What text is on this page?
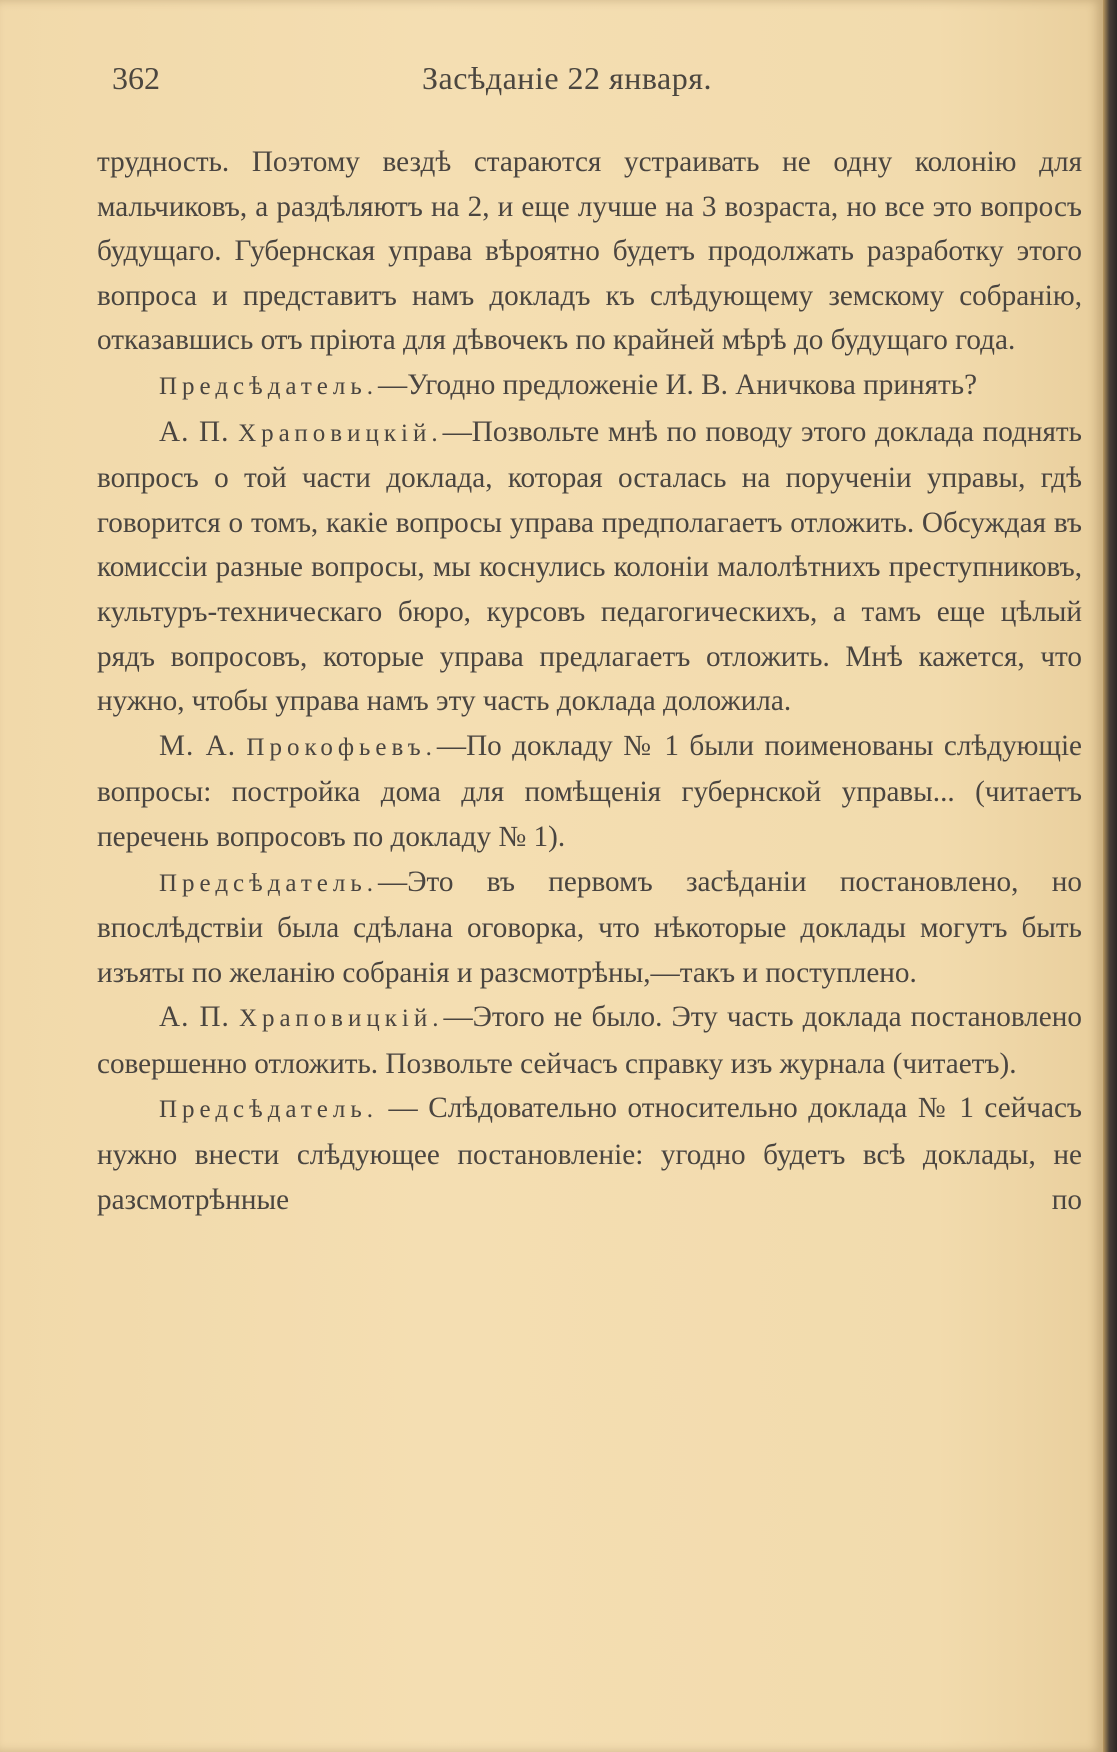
362	Засѣданіе 22 января.

трудность. Поэтому вездѣ стараются устраивать не одну колонію для мальчиковъ, а раздѣляютъ на 2, и еще лучше на 3 возраста, но все это вопросъ будущаго. Губернская управа вѣроятно будетъ продолжать разработку этого вопроса и представитъ намъ докладъ къ слѣдующему земскому собранію, отказавшись отъ пріюта для дѣвочекъ по крайней мѣрѣ до будущаго года.

Предсѣдатель.—Угодно предложеніе И. В. Аничкова принять?

А. П. Храповицкій.—Позвольте мнѣ по поводу этого доклада поднять вопросъ о той части доклада, которая осталась на порученіи управы, гдѣ говорится о томъ, какіе вопросы управа предполагаетъ отложить. Обсуждая въ комиссіи разные вопросы, мы коснулись колоніи малолѣтнихъ преступниковъ, культуръ-техническаго бюро, курсовъ педагогическихъ, а тамъ еще цѣлый рядъ вопросовъ, которые управа предлагаетъ отложить. Мнѣ кажется, что нужно, чтобы управа намъ эту часть доклада доложила.

М. А. Прокофьевъ.—По докладу № 1 были поименованы слѣдующіе вопросы: постройка дома для помѣщенія губернской управы... (читаетъ перечень вопросовъ по докладу № 1).

Предсѣдатель.—Это въ первомъ засѣданіи постановлено, но впослѣдствіи была сдѣлана оговорка, что нѣкоторые доклады могутъ быть изъяты по желанію собранія и разсмотрѣны,—такъ и поступлено.

А. П. Храповицкій.—Этого не было. Эту часть доклада постановлено совершенно отложить. Позвольте сейчасъ справку изъ журнала (читаетъ).

Предсѣдатель. — Слѣдовательно относительно доклада № 1 сейчасъ нужно внести слѣдующее постановленіе: угодно будетъ всѣ доклады, не разсмотрѣнные по
